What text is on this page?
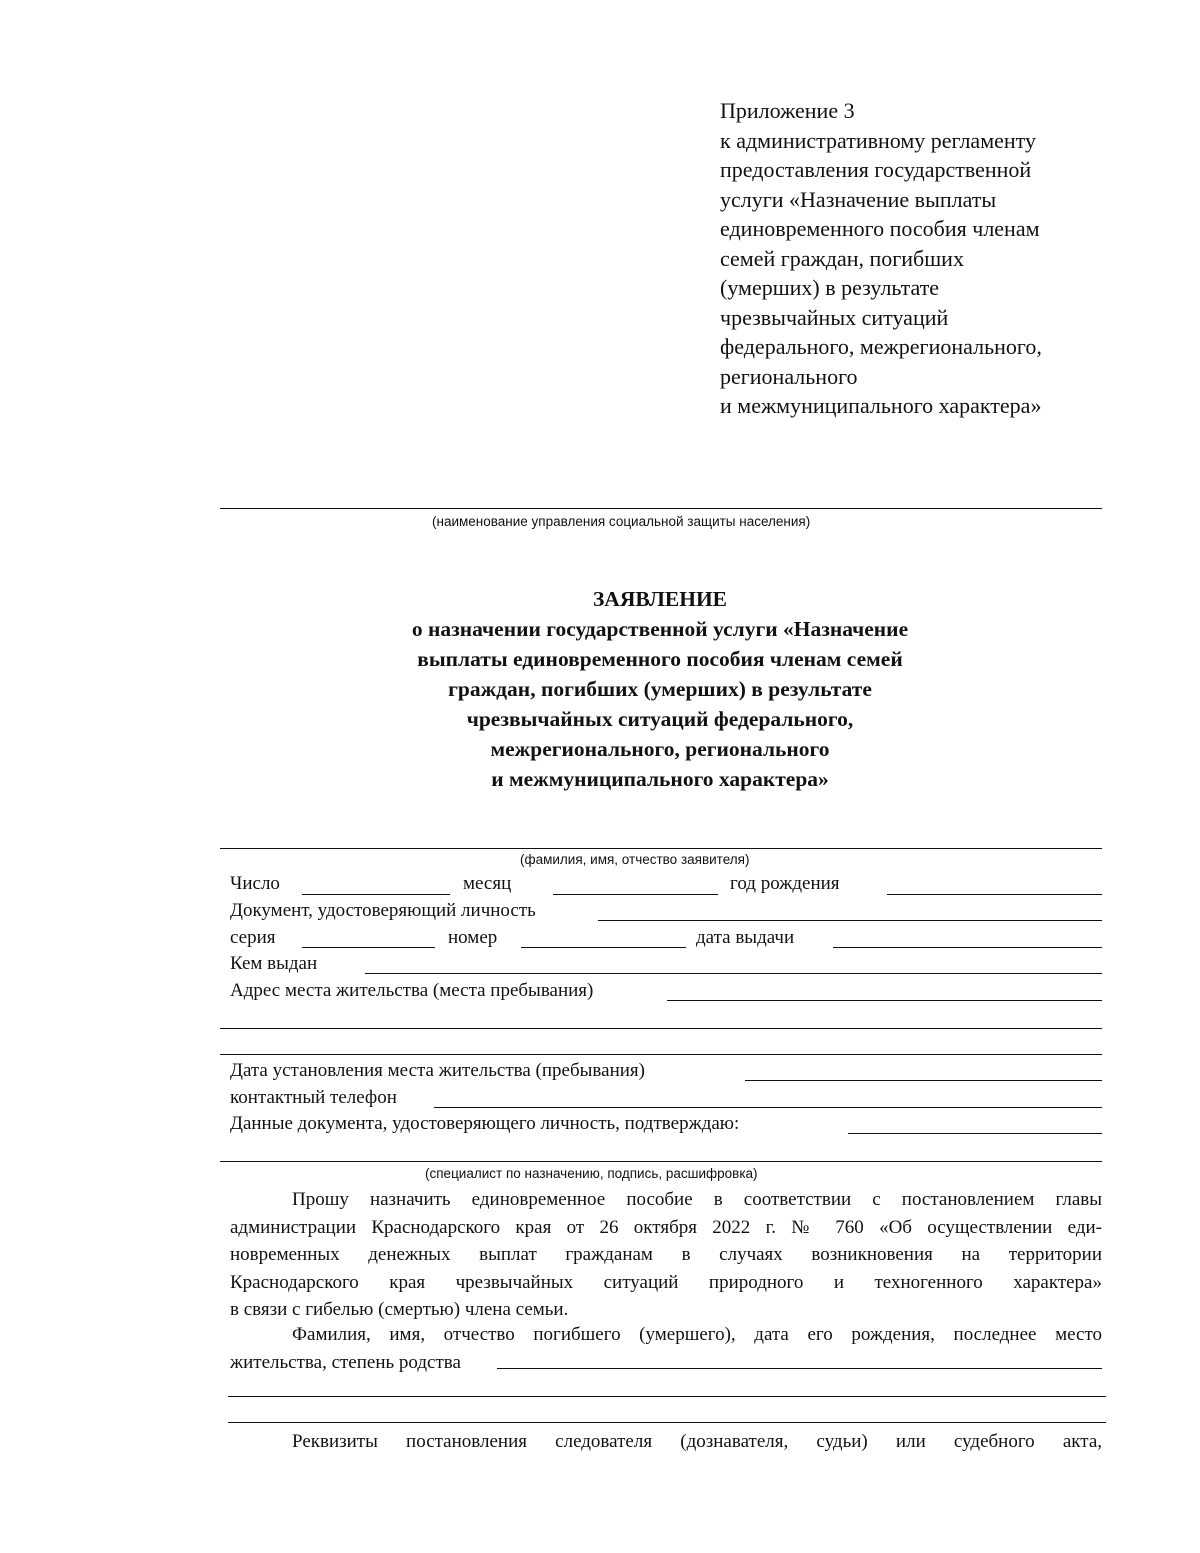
Приложение 3
к административному регламенту
предоставления государственной
услуги «Назначение выплаты
единовременного пособия членам
семей граждан, погибших
(умерших) в результате
чрезвычайных ситуаций
федерального, межрегионального,
регионального
и межмуниципального характера»
(наименование управления социальной защиты населения)
ЗАЯВЛЕНИЕ
о назначении государственной услуги «Назначение
выплаты единовременного пособия членам семей
граждан, погибших (умерших) в результате
чрезвычайных ситуаций федерального,
межрегионального, регионального
и межмуниципального характера»
(фамилия, имя, отчество заявителя)
Число	месяц	год рождения
Документ, удостоверяющий личность
серия	номер	дата выдачи
Кем выдан
Адрес места жительства (места пребывания)
Дата установления места жительства (пребывания)
контактный телефон
Данные документа, удостоверяющего личность, подтверждаю:
(специалист по назначению, подпись, расшифровка)
Прошу назначить единовременное пособие в соответствии с постановлением главы
администрации Краснодарского края от 26 октября 2022 г. № 760 «Об осуществлении еди-
новременных денежных выплат гражданам в случаях возникновения на территории
Краснодарского края чрезвычайных ситуаций природного и техногенного характера»
в связи с гибелью (смертью) члена семьи.
Фамилия, имя, отчество погибшего (умершего), дата его рождения, последнее место
жительства, степень родства
Реквизиты постановления следователя (дознавателя, судьи) или судебного акта,
